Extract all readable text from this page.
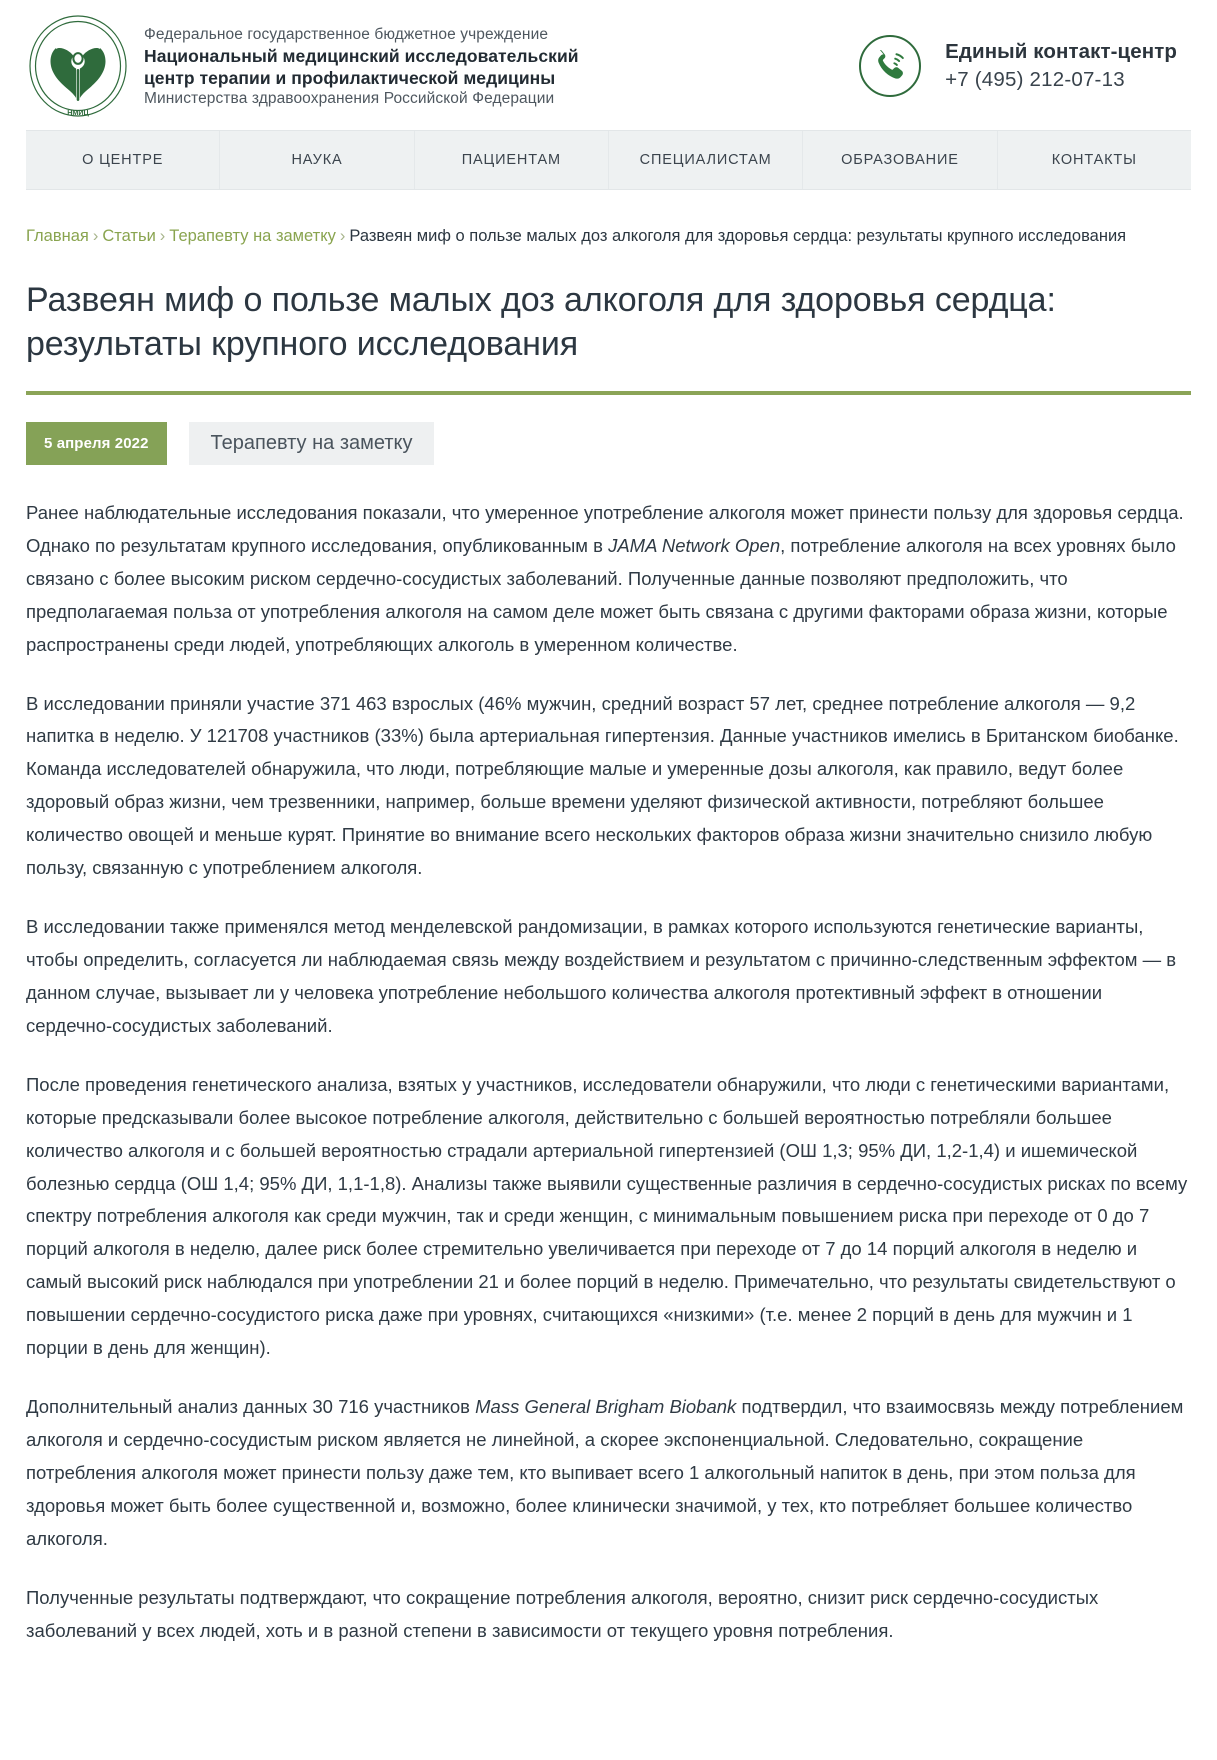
НМИЦ
Федеральное государственное бюджетное учреждение
Национальный медицинский исследовательский
центр терапии и профилактической медицины
Министерства здравоохранения Российской Федерации
Единый контакт-центр
+7 (495) 212-07-13
О ЦЕНТРЕ	НАУКА	ПАЦИЕНТАМ	СПЕЦИАЛИСТАМ	ОБРАЗОВАНИЕ	КОНТАКТЫ
Главная › Статьи › Терапевту на заметку › Развеян миф о пользе малых доз алкоголя для здоровья сердца: результаты крупного исследования
Развеян миф о пользе малых доз алкоголя для здоровья сердца: результаты крупного исследования
5 апреля 2022	Терапевту на заметку

Ранее наблюдательные исследования показали, что умеренное употребление алкоголя может принести пользу для здоровья сердца. Однако по результатам крупного исследования, опубликованным в JAMA Network Open, потребление алкоголя на всех уровнях было связано с более высоким риском сердечно-сосудистых заболеваний. Полученные данные позволяют предположить, что предполагаемая польза от употребления алкоголя на самом деле может быть связана с другими факторами образа жизни, которые распространены среди людей, употребляющих алкоголь в умеренном количестве.

В исследовании приняли участие 371 463 взрослых (46% мужчин, средний возраст 57 лет, среднее потребление алкоголя — 9,2 напитка в неделю. У 121708 участников (33%) была артериальная гипертензия. Данные участников имелись в Британском биобанке. Команда исследователей обнаружила, что люди, потребляющие малые и умеренные дозы алкоголя, как правило, ведут более здоровый образ жизни, чем трезвенники, например, больше времени уделяют физической активности, потребляют большее количество овощей и меньше курят. Принятие во внимание всего нескольких факторов образа жизни значительно снизило любую пользу, связанную с употреблением алкоголя.

В исследовании также применялся метод менделевской рандомизации, в рамках которого используются генетические варианты, чтобы определить, согласуется ли наблюдаемая связь между воздействием и результатом с причинно-следственным эффектом — в данном случае, вызывает ли у человека употребление небольшого количества алкоголя протективный эффект в отношении сердечно-сосудистых заболеваний.

После проведения генетического анализа, взятых у участников, исследователи обнаружили, что люди с генетическими вариантами, которые предсказывали более высокое потребление алкоголя, действительно с большей вероятностью потребляли большее количество алкоголя и с большей вероятностью страдали артериальной гипертензией (ОШ 1,3; 95% ДИ, 1,2-1,4) и ишемической болезнью сердца (ОШ 1,4; 95% ДИ, 1,1-1,8). Анализы также выявили существенные различия в сердечно-сосудистых рисках по всему спектру потребления алкоголя как среди мужчин, так и среди женщин, с минимальным повышением риска при переходе от 0 до 7 порций алкоголя в неделю, далее риск более стремительно увеличивается при переходе от 7 до 14 порций алкоголя в неделю и самый высокий риск наблюдался при употреблении 21 и более порций в неделю. Примечательно, что результаты свидетельствуют о повышении сердечно-сосудистого риска даже при уровнях, считающихся «низкими» (т.е. менее 2 порций в день для мужчин и 1 порции в день для женщин).

Дополнительный анализ данных 30 716 участников Mass General Brigham Biobank подтвердил, что взаимосвязь между потреблением алкоголя и сердечно-сосудистым риском является не линейной, а скорее экспоненциальной. Следовательно, сокращение потребления алкоголя может принести пользу даже тем, кто выпивает всего 1 алкогольный напиток в день, при этом польза для здоровья может быть более существенной и, возможно, более клинически значимой, у тех, кто потребляет большее количество алкоголя.

Полученные результаты подтверждают, что сокращение потребления алкоголя, вероятно, снизит риск сердечно-сосудистых заболеваний у всех людей, хоть и в разной степени в зависимости от текущего уровня потребления.
